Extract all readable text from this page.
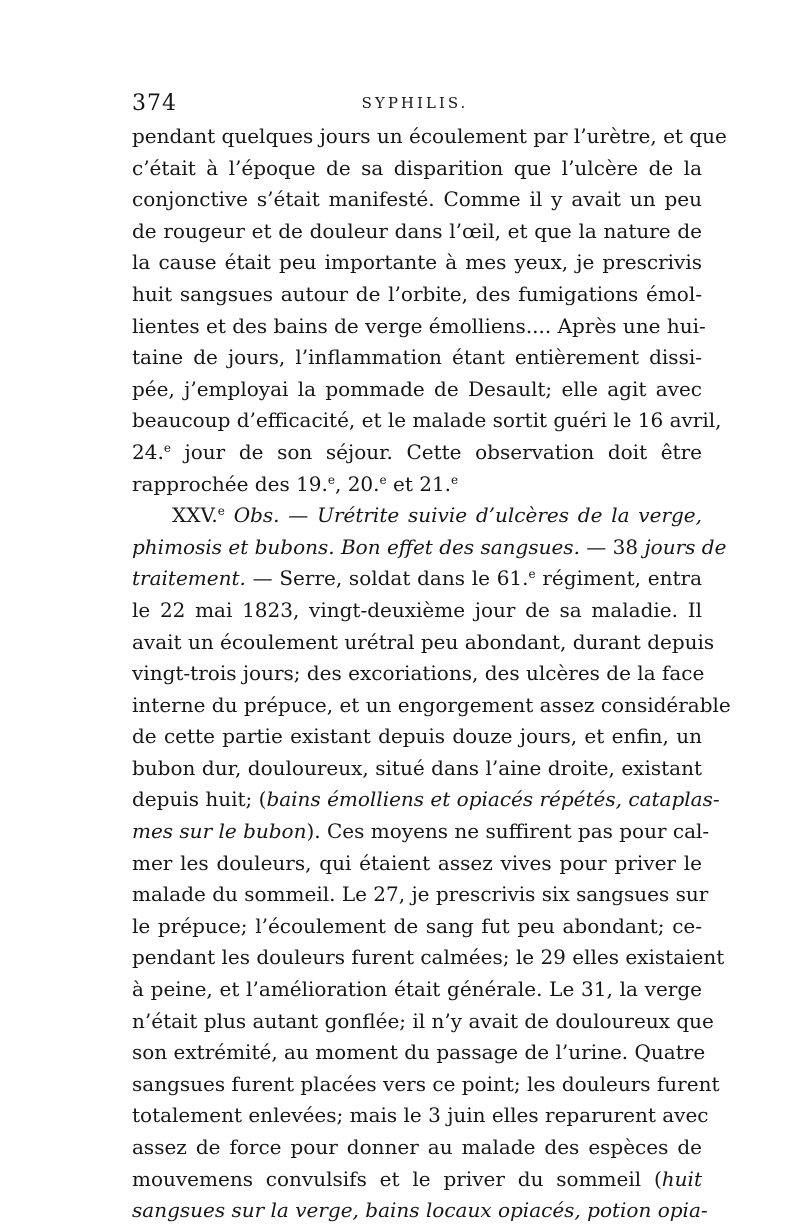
374	SYPHILIS.
pendant quelques jours un écoulement par l’urètre, et que
c’était à l’époque de sa disparition que l’ulcère de la
conjonctive s’était manifesté. Comme il y avait un peu
de rougeur et de douleur dans l’œil, et que la nature de
la cause était peu importante à mes yeux, je prescrivis
huit sangsues autour de l’orbite, des fumigations émol-
lientes et des bains de verge émolliens.... Après une hui-
taine de jours, l’inflammation étant entièrement dissi-
pée, j’employai la pommade de Desault; elle agit avec
beaucoup d’efficacité, et le malade sortit guéri le 16 avril,
24.$^e$ jour de son séjour. Cette observation doit être
rapprochée des 19.$^e$, 20.$^e$ et 21.$^e$
XXV.$^e$ Obs. — Urétrite suivie d’ulcères de la verge,
phimosis et bubons. Bon effet des sangsues. — 38 jours de
traitement. — Serre, soldat dans le 61.$^e$ régiment, entra
le 22 mai 1823, vingt-deuxième jour de sa maladie. Il
avait un écoulement urétral peu abondant, durant depuis
vingt-trois jours; des excoriations, des ulcères de la face
interne du prépuce, et un engorgement assez considérable
de cette partie existant depuis douze jours, et enfin, un
bubon dur, douloureux, situé dans l’aine droite, existant
depuis huit; (bains émolliens et opiacés répétés, cataplas-
mes sur le bubon). Ces moyens ne suffirent pas pour cal-
mer les douleurs, qui étaient assez vives pour priver le
malade du sommeil. Le 27, je prescrivis six sangsues sur
le prépuce; l’écoulement de sang fut peu abondant; ce-
pendant les douleurs furent calmées; le 29 elles existaient
à peine, et l’amélioration était générale. Le 31, la verge
n’était plus autant gonflée; il n’y avait de douloureux que
son extrémité, au moment du passage de l’urine. Quatre
sangsues furent placées vers ce point; les douleurs furent
totalement enlevées; mais le 3 juin elles reparurent avec
assez de force pour donner au malade des espèces de
mouvemens convulsifs et le priver du sommeil (huit
sangsues sur la verge, bains locaux opiacés, potion opia-
